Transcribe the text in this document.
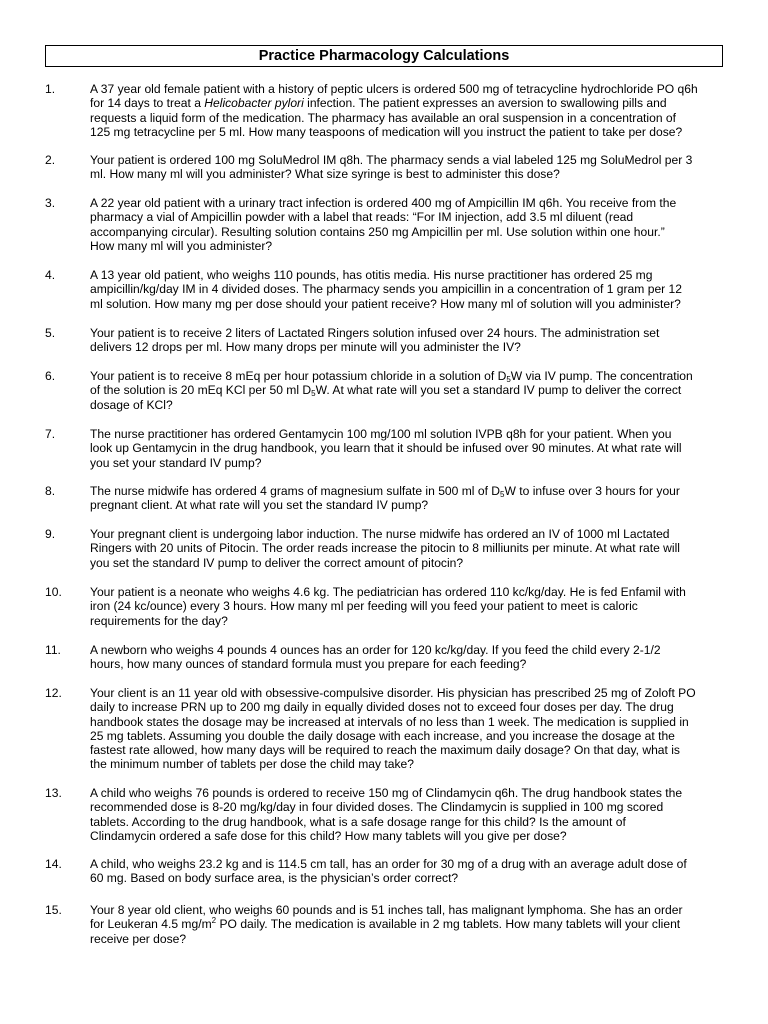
Practice Pharmacology Calculations
1.	A 37 year old female patient with a history of peptic ulcers is ordered 500 mg of tetracycline hydrochloride PO q6h
for 14 days to treat a Helicobacter pylori infection. The patient expresses an aversion to swallowing pills and
requests a liquid form of the medication. The pharmacy has available an oral suspension in a concentration of
125 mg tetracycline per 5 ml. How many teaspoons of medication will you instruct the patient to take per dose?
2.	Your patient is ordered 100 mg SoluMedrol IM q8h. The pharmacy sends a vial labeled 125 mg SoluMedrol per 3
ml. How many ml will you administer? What size syringe is best to administer this dose?
3.	A 22 year old patient with a urinary tract infection is ordered 400 mg of Ampicillin IM q6h. You receive from the
pharmacy a vial of Ampicillin powder with a label that reads: “For IM injection, add 3.5 ml diluent (read
accompanying circular). Resulting solution contains 250 mg Ampicillin per ml. Use solution within one hour.”
How many ml will you administer?
4.	A 13 year old patient, who weighs 110 pounds, has otitis media. His nurse practitioner has ordered 25 mg
ampicillin/kg/day IM in 4 divided doses. The pharmacy sends you ampicillin in a concentration of 1 gram per 12
ml solution. How many mg per dose should your patient receive? How many ml of solution will you administer?
5.	Your patient is to receive 2 liters of Lactated Ringers solution infused over 24 hours. The administration set
delivers 12 drops per ml. How many drops per minute will you administer the IV?
6.	Your patient is to receive 8 mEq per hour potassium chloride in a solution of $D_5W$ via IV pump. The concentration
of the solution is 20 mEq KCl per 50 ml $D_5W$. At what rate will you set a standard IV pump to deliver the correct
dosage of KCl?
7.	The nurse practitioner has ordered Gentamycin 100 mg/100 ml solution IVPB q8h for your patient. When you
look up Gentamycin in the drug handbook, you learn that it should be infused over 90 minutes. At what rate will
you set your standard IV pump?
8.	The nurse midwife has ordered 4 grams of magnesium sulfate in 500 ml of $D_5W$ to infuse over 3 hours for your
pregnant client. At what rate will you set the standard IV pump?
9.	Your pregnant client is undergoing labor induction. The nurse midwife has ordered an IV of 1000 ml Lactated
Ringers with 20 units of Pitocin. The order reads increase the pitocin to 8 milliunits per minute. At what rate will
you set the standard IV pump to deliver the correct amount of pitocin?
10. Your patient is a neonate who weighs 4.6 kg. The pediatrician has ordered 110 kc/kg/day. He is fed Enfamil with
iron (24 kc/ounce) every 3 hours. How many ml per feeding will you feed your patient to meet is caloric
requirements for the day?
11. A newborn who weighs 4 pounds 4 ounces has an order for 120 kc/kg/day. If you feed the child every 2-1/2
hours, how many ounces of standard formula must you prepare for each feeding?
12. Your client is an 11 year old with obsessive-compulsive disorder. His physician has prescribed 25 mg of Zoloft PO
daily to increase PRN up to 200 mg daily in equally divided doses not to exceed four doses per day. The drug
handbook states the dosage may be increased at intervals of no less than 1 week. The medication is supplied in
25 mg tablets. Assuming you double the daily dosage with each increase, and you increase the dosage at the
fastest rate allowed, how many days will be required to reach the maximum daily dosage? On that day, what is
the minimum number of tablets per dose the child may take?
13. A child who weighs 76 pounds is ordered to receive 150 mg of Clindamycin q6h. The drug handbook states the
recommended dose is 8-20 mg/kg/day in four divided doses. The Clindamycin is supplied in 100 mg scored
tablets. According to the drug handbook, what is a safe dosage range for this child? Is the amount of
Clindamycin ordered a safe dose for this child? How many tablets will you give per dose?
14. A child, who weighs 23.2 kg and is 114.5 cm tall, has an order for 30 mg of a drug with an average adult dose of
60 mg. Based on body surface area, is the physician’s order correct?
15. Your 8 year old client, who weighs 60 pounds and is 51 inches tall, has malignant lymphoma. She has an order
for Leukeran 4.5 $mg/m^2$ PO daily. The medication is available in 2 mg tablets. How many tablets will your client
receive per dose?
